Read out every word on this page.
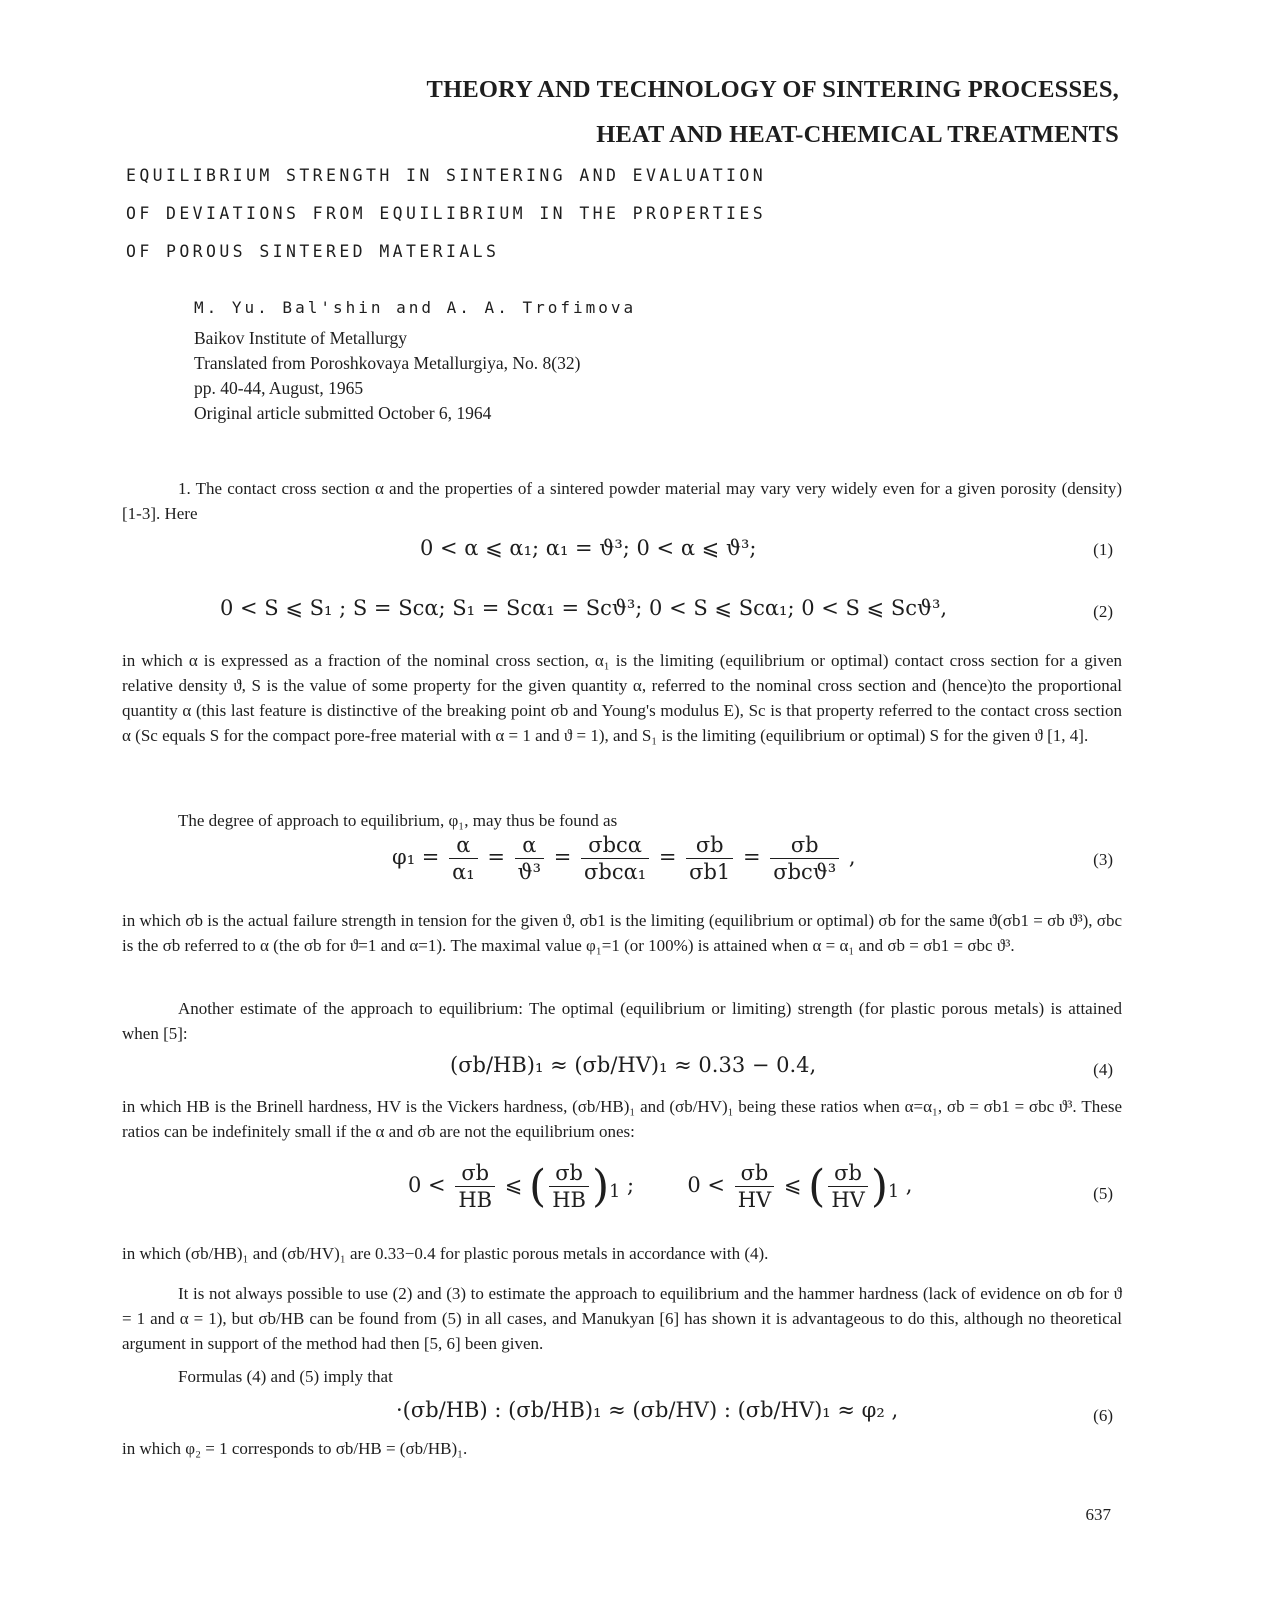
THEORY AND TECHNOLOGY OF SINTERING PROCESSES,
HEAT AND HEAT-CHEMICAL TREATMENTS
EQUILIBRIUM STRENGTH IN SINTERING AND EVALUATION
OF DEVIATIONS FROM EQUILIBRIUM IN THE PROPERTIES
OF POROUS SINTERED MATERIALS
M. Yu. Bal'shin and A. A. Trofimova
Baikov Institute of Metallurgy
Translated from Poroshkovaya Metallurgiya, No. 8(32)
pp. 40-44, August, 1965
Original article submitted October 6, 1964
1. The contact cross section α and the properties of a sintered powder material may vary very widely even for a given porosity (density) [1-3]. Here
0 < α ⩽ α₁; α₁ = ϑ³; 0 < α ⩽ ϑ³;	(1)
0 < S ⩽ S₁ ; S = Scα; S₁ = Scα₁ = Scϑ³; 0 < S ⩽ Scα₁; 0 < S ⩽ Scϑ³,	(2)
in which α is expressed as a fraction of the nominal cross section, α₁ is the limiting (equilibrium or optimal) contact cross section for a given relative density ϑ, S is the value of some property for the given quantity α, referred to the nominal cross section and (hence)to the proportional quantity α (this last feature is distinctive of the breaking point σb and Young's modulus E), Sc is that property referred to the contact cross section α (Sc equals S for the compact pore-free material with α = 1 and ϑ = 1), and S₁ is the limiting (equilibrium or optimal) S for the given ϑ [1, 4].
The degree of approach to equilibrium, φ₁, may thus be found as
$\varphi_1 = \frac{\alpha}{\text{α₁}} = \frac{\alpha}{\text{ϑ³}} = \frac{\text{σbcα}}{\text{σbcα₁}} = \frac{\sigma b}{\sigma b1} = \frac{\sigma b}{\text{σbcϑ³}}$ ,	(3)
in which σb is the actual failure strength in tension for the given ϑ, σb1 is the limiting (equilibrium or optimal) σb for the same ϑ(σb1 = σb ϑ³), σbc is the σb referred to α (the σb for ϑ=1 and α=1). The maximal value φ₁=1 (or 100%) is attained when α = α₁ and σb = σb1 = σbc ϑ³.
Another estimate of the approach to equilibrium: The optimal (equilibrium or limiting) strength (for plastic porous metals) is attained when [5]:
(σb/HB)₁ ≈ (σb/HV)₁ ≈ 0.33 − 0.4,	(4)
in which HB is the Brinell hardness, HV is the Vickers hardness, (σb/HB)₁ and (σb/HV)₁ being these ratios when α=α₁, σb = σb1 = σbc ϑ³. These ratios can be indefinitely small if the α and σb are not the equilibrium ones:
$0 < \frac{\sigma b}{HB}$ ⩽ ( $\frac{\sigma b}{HB} )_1$ ;  $0 < \frac{\sigma b}{HV}$ ⩽ ( $\frac{\sigma b}{HV} )_1$ ,	(5)
in which (σb/HB)₁ and (σb/HV)₁ are 0.33−0.4 for plastic porous metals in accordance with (4).
It is not always possible to use (2) and (3) to estimate the approach to equilibrium and the hammer hardness (lack of evidence on σb for ϑ = 1 and α = 1), but σb/HB can be found from (5) in all cases, and Manukyan [6] has shown it is advantageous to do this, although no theoretical argument in support of the method had then [5, 6] been given.
Formulas (4) and (5) imply that
·(σb/HB) : (σb/HB)₁ ≈ (σb/HV) : (σb/HV)₁ ≈ φ₂ ,	(6)
in which φ₂ = 1 corresponds to σb/HB = (σb/HB)₁.
637
